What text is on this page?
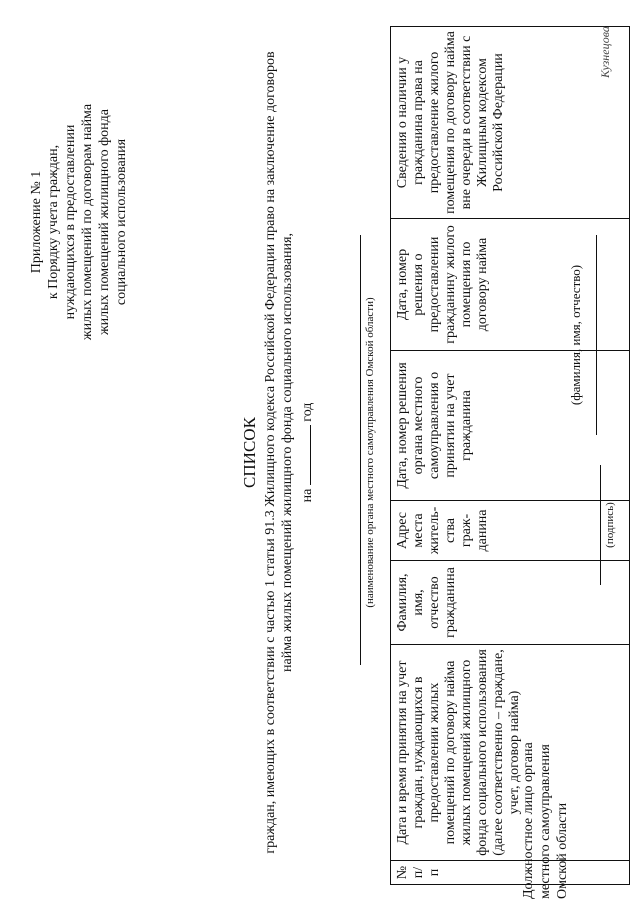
Приложение № 1 к Порядку учета граждан, нуждающихся в предоставлении жилых помещений по договорам найма жилых помещений жилищного фонда социального использования
СПИСОК граждан, имеющих в соответствии с частью 1 статьи 91.3 Жилищного кодекса Российской Федерации право на заключение договоров найма жилых помещений жилищного фонда социального использования, на  год	(наименование органа местного самоуправления Омской области)
№ п/п	Дата и время принятия на учет граждан, нуждающихся в предоставлении жилых помещений по договору найма жилых помещений жилищного фонда социального использования (далее соответственно – граждане, учет, договор найма)	Фамилия, имя, отчество гражданина	Адрес места житель-ства граж-данина	Дата, номер решения органа местного самоуправления о принятии на учет гражданина	Дата, номер решения о предоставлении гражданину жилого помещения по договору найма	Сведения о наличии у гражданина права на предоставление жилого помещения по договору найма вне очереди в соответствии с Жилищным кодексом Российской Федерации
Должностное лицо органа местного самоуправления Омской области
(подпись)
(фамилия, имя, отчество)
Кузнецова
